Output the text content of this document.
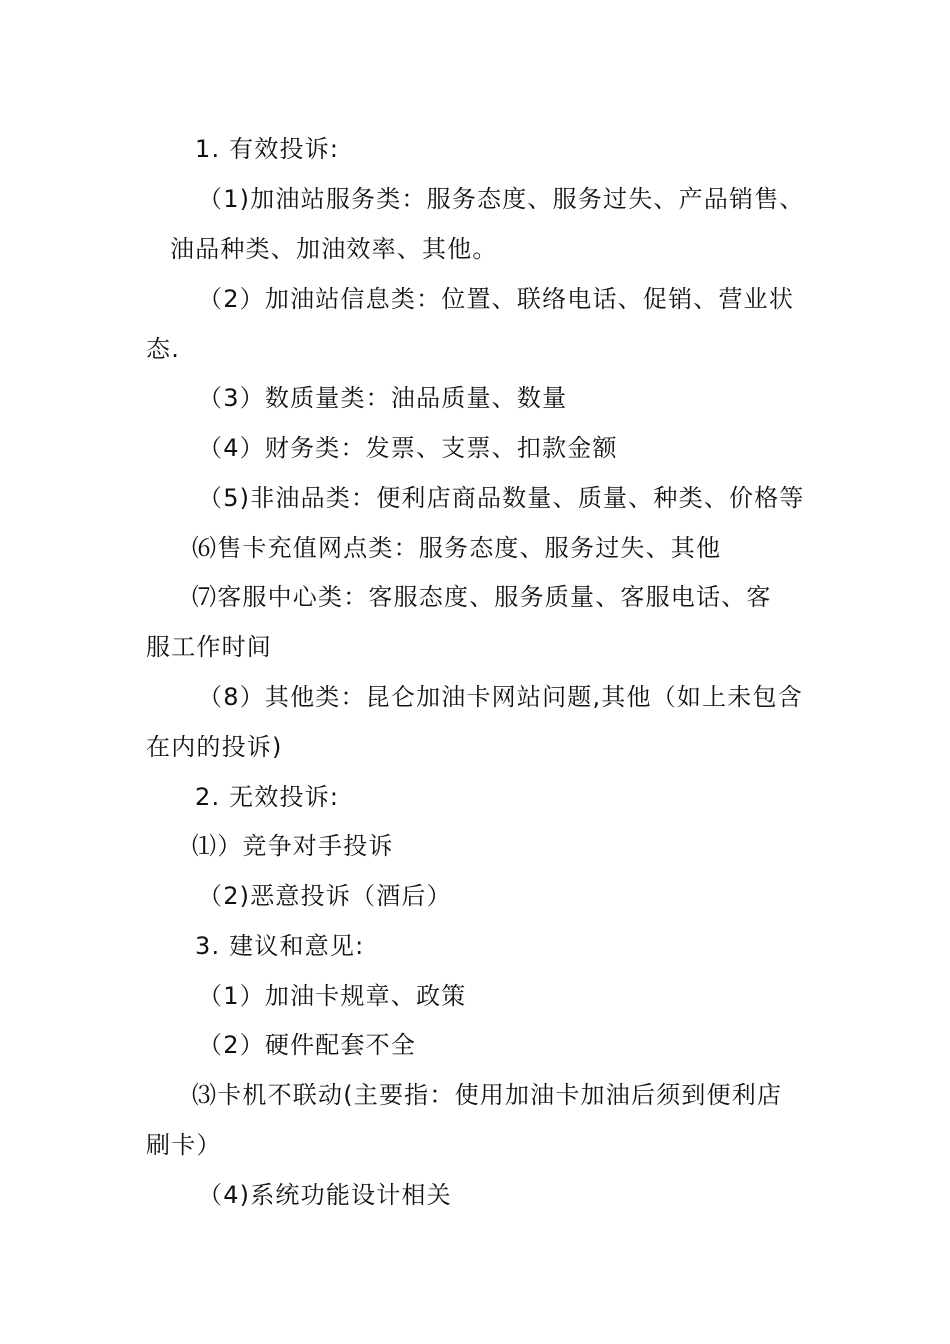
1. 有效投诉:
（1)加油站服务类：服务态度、服务过失、产品销售、
油品种类、加油效率、其他。
（2）加油站信息类：位置、联络电话、促销、营业状
态.
（3）数质量类：油品质量、数量
（4）财务类：发票、支票、扣款金额
（5)非油品类：便利店商品数量、质量、种类、价格等
⑹售卡充值网点类：服务态度、服务过失、其他
⑺客服中心类：客服态度、服务质量、客服电话、客
服工作时间
（8）其他类：昆仑加油卡网站问题,其他（如上未包含
在内的投诉)
2. 无效投诉:
⑴）竞争对手投诉
（2)恶意投诉（酒后）
3. 建议和意见:
（1）加油卡规章、政策
（2）硬件配套不全
⑶卡机不联动(主要指：使用加油卡加油后须到便利店
刷卡）
（4)系统功能设计相关
